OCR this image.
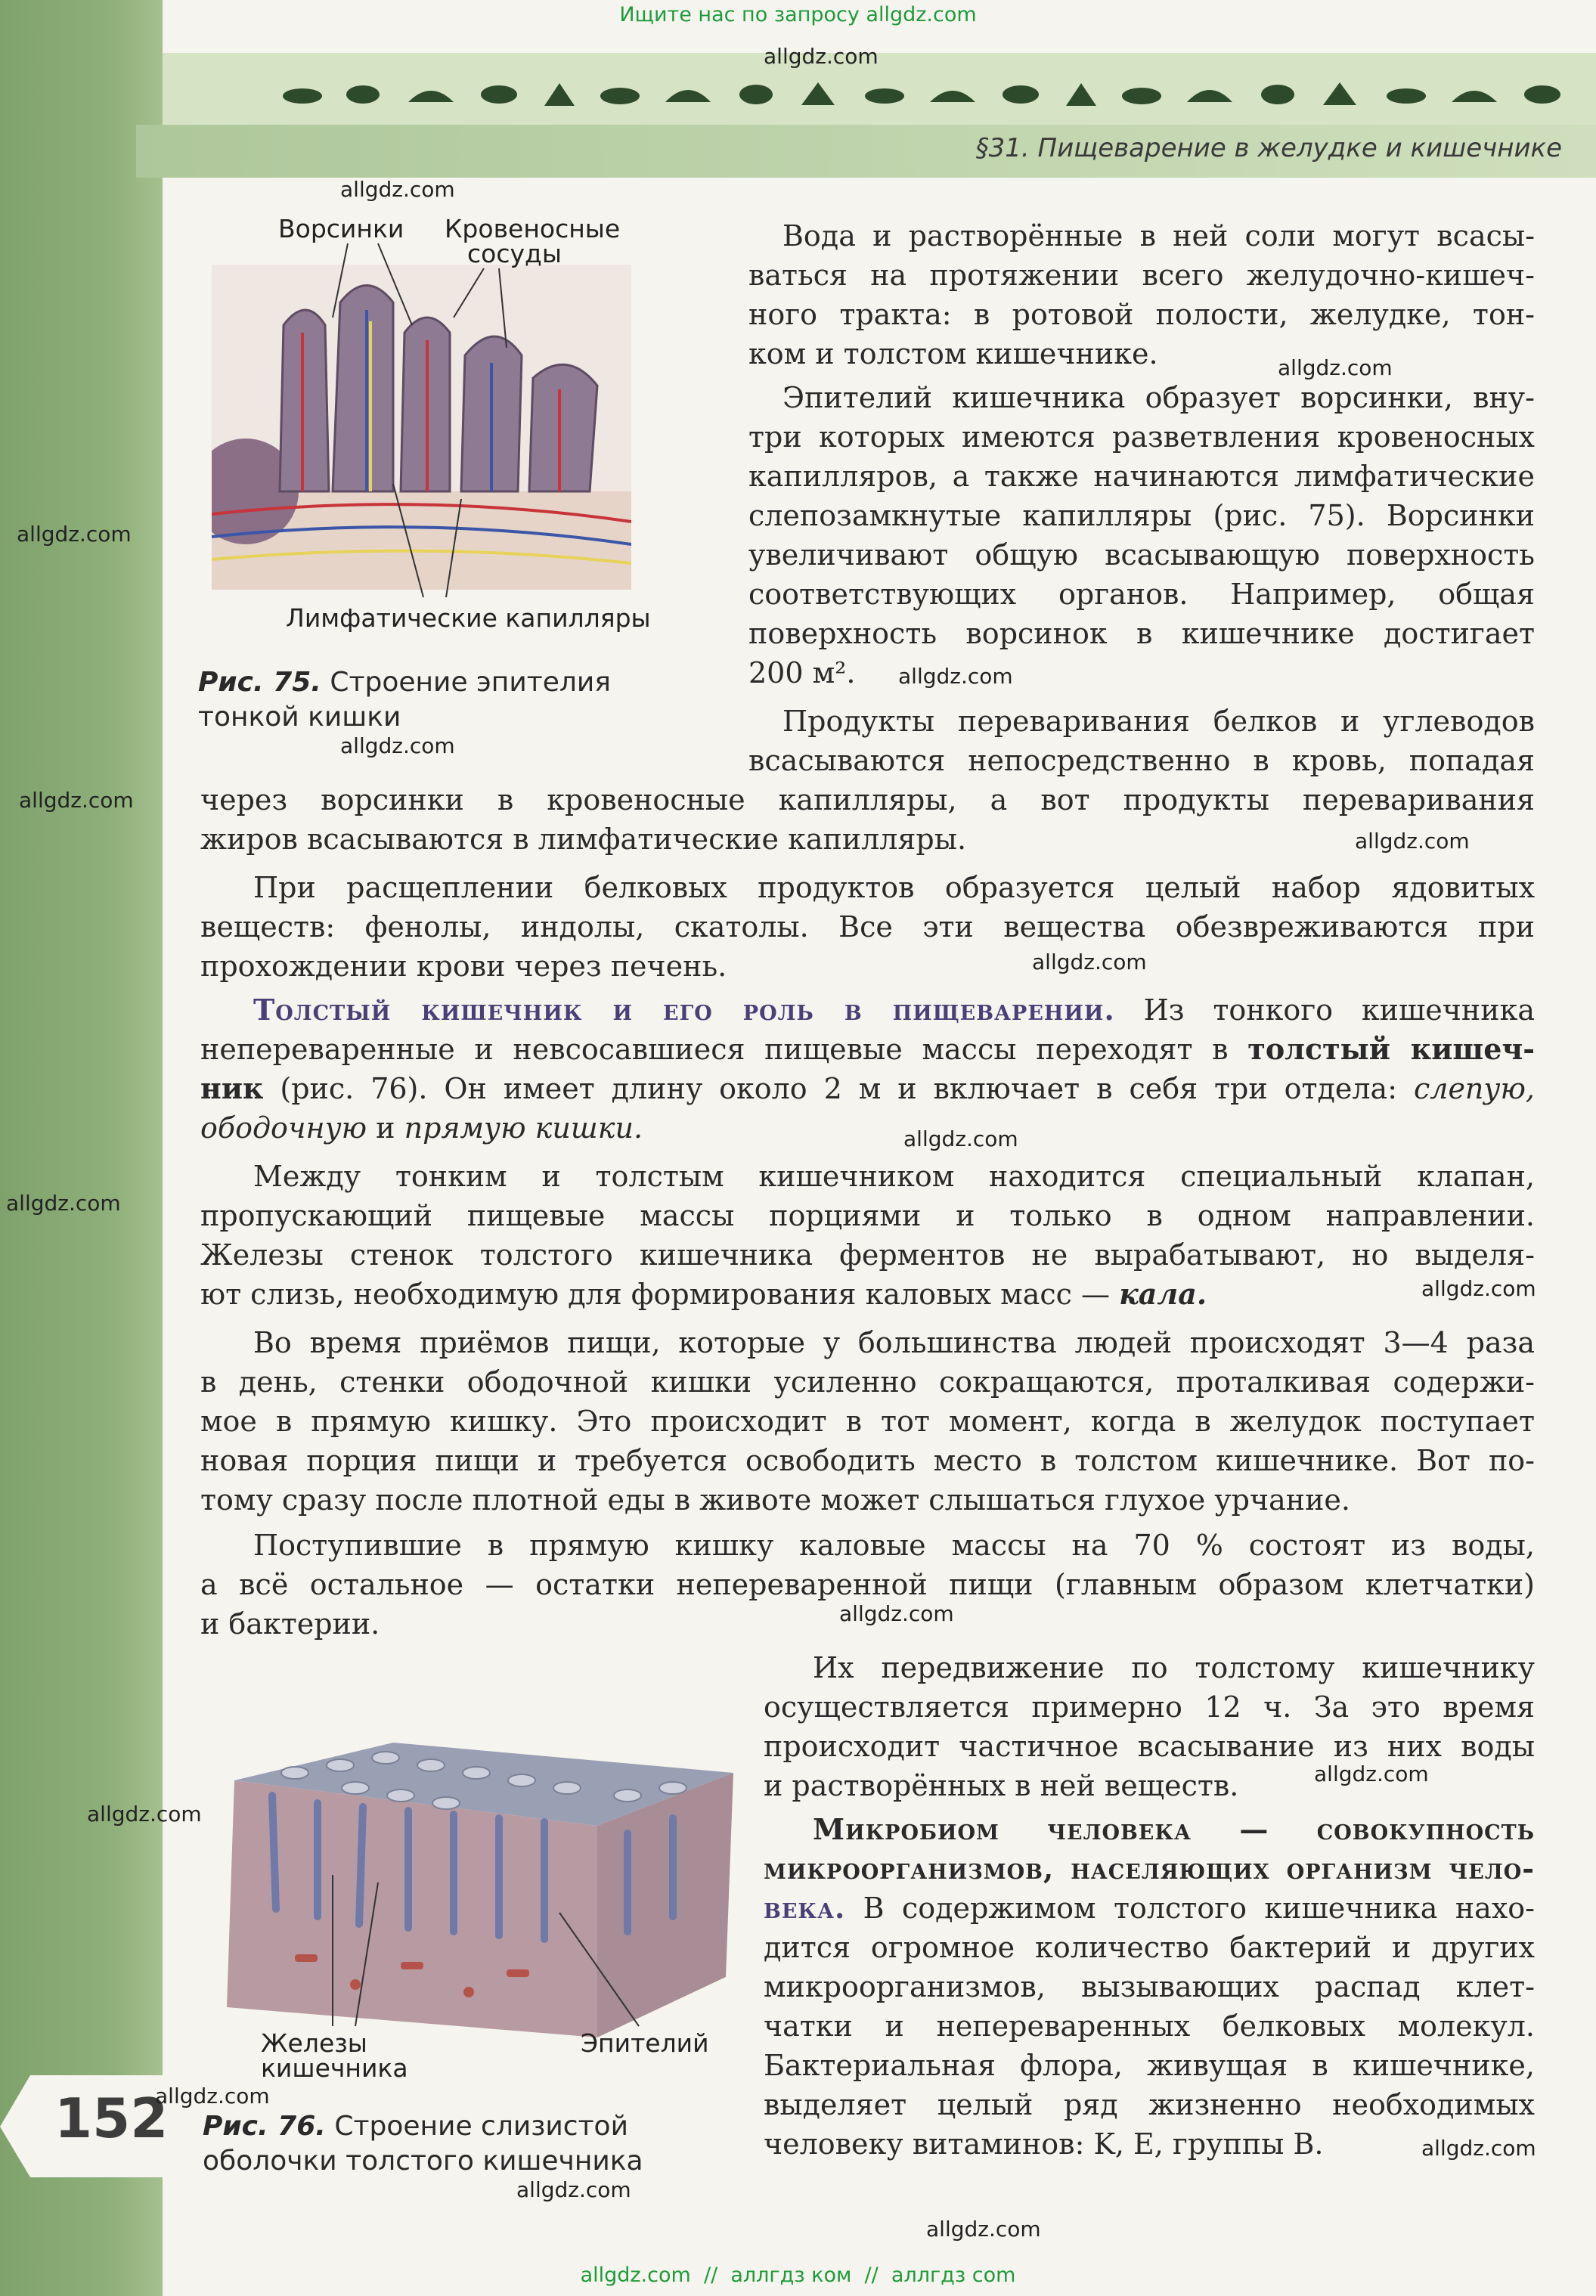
§31. Пищеварение в желудке и кишечнике
Ворсинки Кровеносные
сосуды
Лимфатические капилляры
Рис. 75. Строение эпителия
тонкой кишки
Вода и растворённые в ней соли могут всасы-
ваться на протяжении всего желудочно-кишеч-
ного тракта: в ротовой полости, желудке, тон-
ком и толстом кишечнике.
Эпителий кишечника образует ворсинки, вну-
три которых имеются разветвления кровеносных
капилляров, а также начинаются лимфатические
слепозамкнутые капилляры (рис. 75). Ворсинки
увеличивают общую всасывающую поверхность
соответствующих органов. Например, общая
поверхность ворсинок в кишечнике достигает
200 м².
Продукты переваривания белков и углеводов
всасываются непосредственно в кровь, попадая
через ворсинки в кровеносные капилляры, а вот продукты переваривания
жиров всасываются в лимфатические капилляры.
При расщеплении белковых продуктов образуется целый набор ядовитых
веществ: фенолы, индолы, скатолы. Все эти вещества обезвреживаются при
прохождении крови через печень.
Толстый кишечник и его роль в пищеварении. Из тонкого кишечника
непереваренные и невсосавшиеся пищевые массы переходят в толстый кишеч-
ник (рис. 76). Он имеет длину около 2 м и включает в себя три отдела: слепую,
ободочную и прямую кишки.
Между тонким и толстым кишечником находится специальный клапан,
пропускающий пищевые массы порциями и только в одном направлении.
Железы стенок толстого кишечника ферментов не вырабатывают, но выделя-
ют слизь, необходимую для формирования каловых масс — кала.
Во время приёмов пищи, которые у большинства людей происходят 3—4 раза
в день, стенки ободочной кишки усиленно сокращаются, проталкивая содержи-
мое в прямую кишку. Это происходит в тот момент, когда в желудок поступает
новая порция пищи и требуется освободить место в толстом кишечнике. Вот по-
тому сразу после плотной еды в животе может слышаться глухое урчание.
Поступившие в прямую кишку каловые массы на 70 % состоят из воды,
а всё остальное — остатки непереваренной пищи (главным образом клетчатки)
и бактерии.
Железы
кишечника
Эпителий
Рис. 76. Строение слизистой
оболочки толстого кишечника
Их передвижение по толстому кишечнику
осуществляется примерно 12 ч. За это время
происходит частичное всасывание из них воды
и растворённых в ней веществ.
Микробиом человека — совокупность
микроорганизмов, населяющих организм чело-
века. В содержимом толстого кишечника нахо-
дится огромное количество бактерий и других
микроорганизмов, вызывающих распад клет-
чатки и непереваренных белковых молекул.
Бактериальная флора, живущая в кишечнике,
выделяет целый ряд жизненно необходимых
человеку витаминов: K, E, группы B.
152
allgdz.com
allgdz.com
allgdz.com
allgdz.com
allgdz.com
allgdz.com
allgdz.com
allgdz.com
allgdz.com
allgdz.com
allgdz.com
allgdz.com
allgdz.com
allgdz.com
allgdz.com
allgdz.com
allgdz.com
allgdz.com
allgdz.com
Ищите нас по запросу allgdz.com
allgdz.com  //  аллгдз ком  //  аллгдз com
